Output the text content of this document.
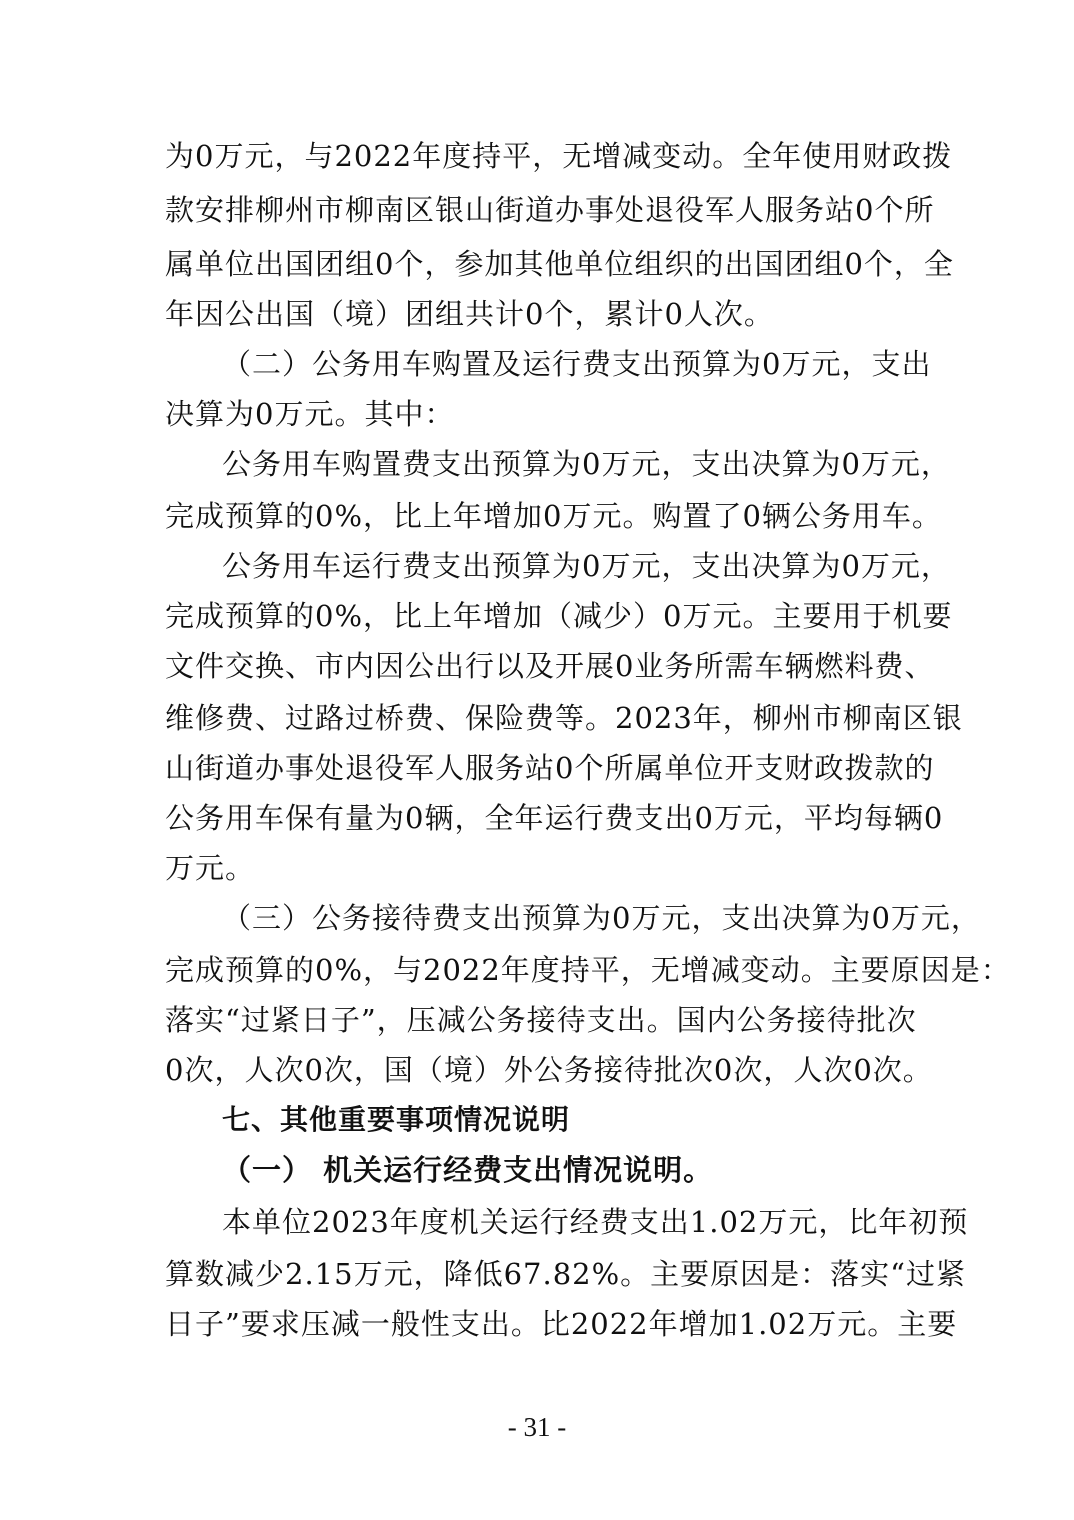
为0万元，与2022年度持平，无增减变动。全年使用财政拨
款安排柳州市柳南区银山街道办事处退役军人服务站0个所
属单位出国团组0个，参加其他单位组织的出国团组0个，全
年因公出国（境）团组共计0个，累计0人次。
（二）公务用车购置及运行费支出预算为0万元，支出
决算为0万元。其中：
公务用车购置费支出预算为0万元，支出决算为0万元，
完成预算的0%，比上年增加0万元。购置了0辆公务用车。
公务用车运行费支出预算为0万元，支出决算为0万元，
完成预算的0%，比上年增加（减少）0万元。主要用于机要
文件交换、市内因公出行以及开展0业务所需车辆燃料费、
维修费、过路过桥费、保险费等。2023年，柳州市柳南区银
山街道办事处退役军人服务站0个所属单位开支财政拨款的
公务用车保有量为0辆，全年运行费支出0万元，平均每辆0
万元。
（三）公务接待费支出预算为0万元，支出决算为0万元，
完成预算的0%，与2022年度持平，无增减变动。主要原因是：
落实“过紧日子”，压减公务接待支出。国内公务接待批次
0次，人次0次，国（境）外公务接待批次0次，人次0次。
七、其他重要事项情况说明
（一） 机关运行经费支出情况说明。
本单位2023年度机关运行经费支出1.02万元，比年初预
算数减少2.15万元，降低67.82%。主要原因是：落实“过紧
日子”要求压减一般性支出。比2022年增加1.02万元。主要
- 31 -
